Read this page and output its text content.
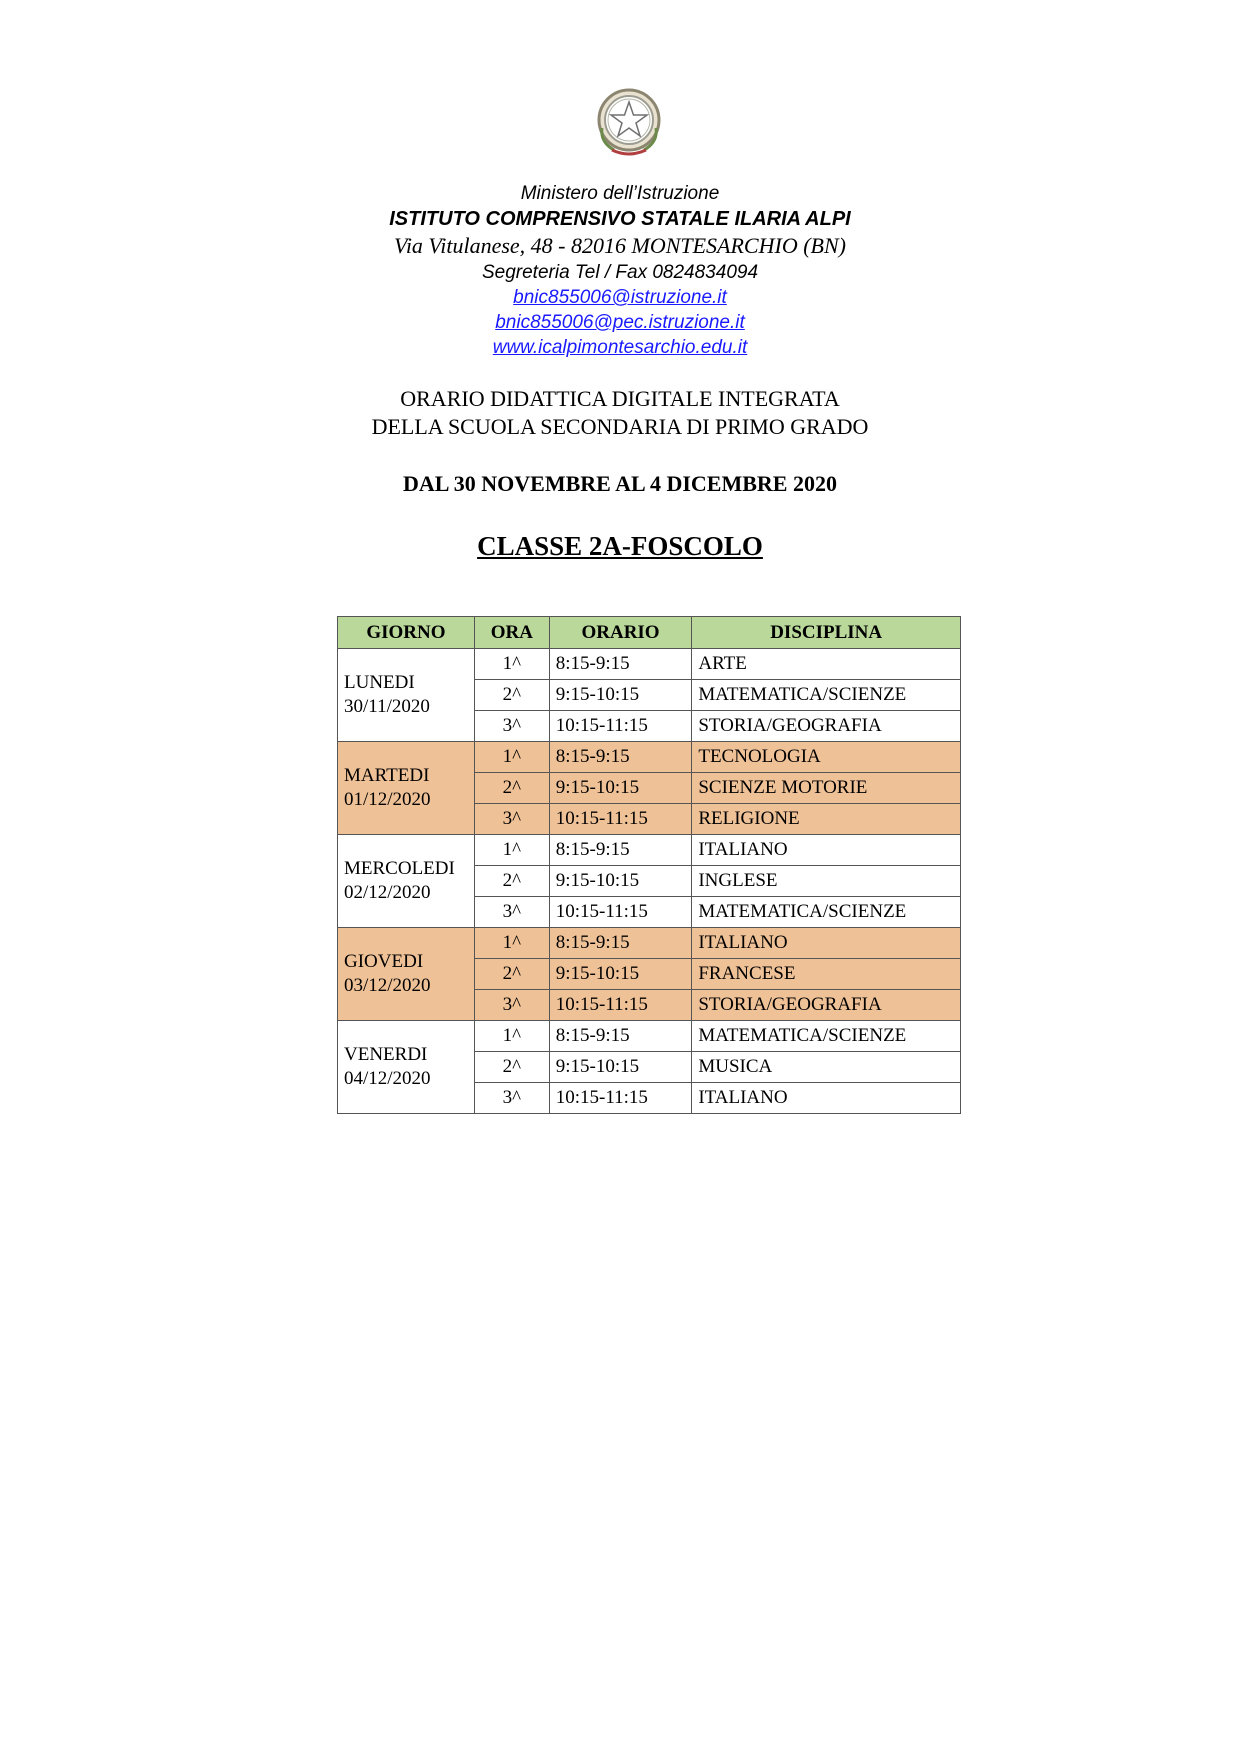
Ministero dell’Istruzione
ISTITUTO COMPRENSIVO STATALE ILARIA ALPI
Via Vitulanese, 48 - 82016 MONTESARCHIO (BN)
Segreteria Tel / Fax 0824834094
bnic855006@istruzione.it
bnic855006@pec.istruzione.it
www.icalpimontesarchio.edu.it
ORARIO DIDATTICA DIGITALE INTEGRATA
DELLA SCUOLA SECONDARIA DI PRIMO GRADO
DAL 30 NOVEMBRE AL 4 DICEMBRE 2020
CLASSE 2A-FOSCOLO
GIORNO	ORA	ORARIO	DISCIPLINA

LUNEDI
30/11/2020	1^	8:15-9:15	ARTE
	2^	9:15-10:15	MATEMATICA/SCIENZE
	3^	10:15-11:15	STORIA/GEOGRAFIA

MARTEDI
01/12/2020	1^	8:15-9:15	TECNOLOGIA
	2^	9:15-10:15	SCIENZE MOTORIE
	3^	10:15-11:15	RELIGIONE

MERCOLEDI
02/12/2020	1^	8:15-9:15	ITALIANO
	2^	9:15-10:15	INGLESE
	3^	10:15-11:15	MATEMATICA/SCIENZE

GIOVEDI
03/12/2020	1^	8:15-9:15	ITALIANO
	2^	9:15-10:15	FRANCESE
	3^	10:15-11:15	STORIA/GEOGRAFIA

VENERDI
04/12/2020	1^	8:15-9:15	MATEMATICA/SCIENZE
	2^	9:15-10:15	MUSICA
	3^	10:15-11:15	ITALIANO
